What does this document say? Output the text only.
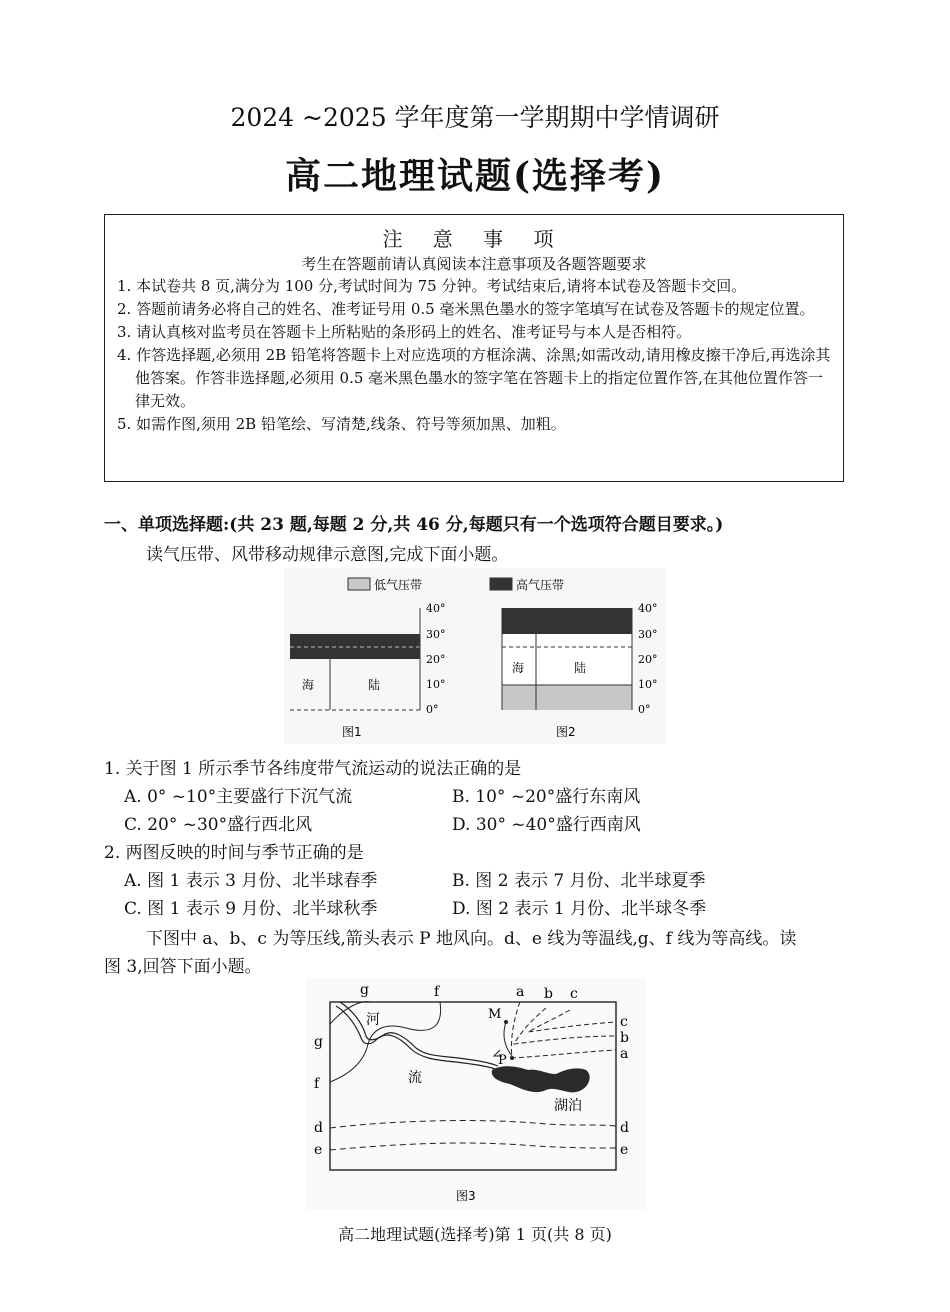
2024 ~2025 学年度第一学期期中学情调研
高二地理试题(选择考)
注 意 事 项
考生在答题前请认真阅读本注意事项及各题答题要求

1. 本试卷共 8 页,满分为 100 分,考试时间为 75 分钟。考试结束后,请将本试卷及答题卡交回。

2. 答题前请务必将自己的姓名、准考证号用 0.5 毫米黑色墨水的签字笔填写在试卷及答题卡的规定位置。

3. 请认真核对监考员在答题卡上所粘贴的条形码上的姓名、准考证号与本人是否相符。

4. 作答选择题,必须用 2B 铅笔将答题卡上对应选项的方框涂满、涂黑;如需改动,请用橡皮擦干净后,再选涂其他答案。作答非选择题,必须用 0.5 毫米黑色墨水的签字笔在答题卡上的指定位置作答,在其他位置作答一律无效。

5. 如需作图,须用 2B 铅笔绘、写清楚,线条、符号等须加黑、加粗。

一、单项选择题:(共 23 题,每题 2 分,共 46 分,每题只有一个选项符合题目要求。)
读气压带、风带移动规律示意图,完成下面小题。
低气压带	高气压带
海	陆
40°
30°
20°
10°
0°
图1
海	陆
40°
30°
20°
10°
0°
图2
1. 关于图 1 所示季节各纬度带气流运动的说法正确的是
A. 0° ~10°主要盛行下沉气流	B. 10° ~20°盛行东南风
C. 20° ~30°盛行西北风	D. 30° ~40°盛行西南风
2. 两图反映的时间与季节正确的是
A. 图 1 表示 3 月份、北半球春季	B. 图 2 表示 7 月份、北半球夏季
C. 图 1 表示 9 月份、北半球秋季	D. 图 2 表示 1 月份、北半球冬季
下图中 a、b、c 为等压线,箭头表示 P 地风向。d、e 线为等温线,g、f 线为等高线。读
图 3,回答下面小题。
g	f	a b c
g
f
d
e
c
b
a
d
e
M
P
河
流
湖泊
图3
高二地理试题(选择考)第 1 页(共 8 页)
